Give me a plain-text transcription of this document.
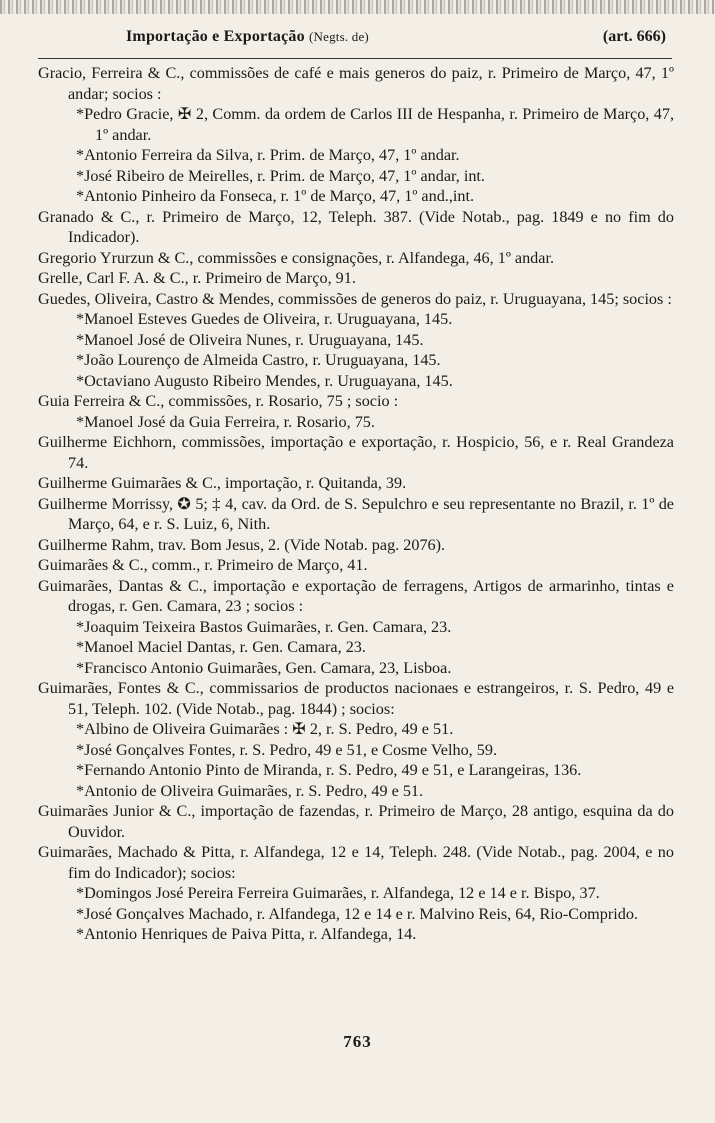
Importação e Exportação (Negts. de)	(art. 666)

Gracio, Ferreira & C., commissões de café e mais generos do paiz, r. Primeiro de Março, 47, 1º andar; socios :

*Pedro Gracie, ✠ 2, Comm. da ordem de Carlos III de Hespanha, r. Primeiro de Março, 47, 1º andar.

*Antonio Ferreira da Silva, r. Prim. de Março, 47, 1º andar.

*José Ribeiro de Meirelles, r. Prim. de Março, 47, 1º andar, int.

*Antonio Pinheiro da Fonseca, r. 1º de Março, 47, 1º and.,int.

Granado & C., r. Primeiro de Março, 12, Teleph. 387. (Vide Notab., pag. 1849 e no fim do Indicador).

Gregorio Yrurzun & C., commissões e consignações, r. Alfandega, 46, 1º andar.

Grelle, Carl F. A. & C., r. Primeiro de Março, 91.

Guedes, Oliveira, Castro & Mendes, commissões de generos do paiz, r. Uruguayana, 145; socios :

*Manoel Esteves Guedes de Oliveira, r. Uruguayana, 145.

*Manoel José de Oliveira Nunes, r. Uruguayana, 145.

*João Lourenço de Almeida Castro, r. Uruguayana, 145.

*Octaviano Augusto Ribeiro Mendes, r. Uruguayana, 145.

Guia Ferreira & C., commissões, r. Rosario, 75 ; socio :

*Manoel José da Guia Ferreira, r. Rosario, 75.

Guilherme Eichhorn, commissões, importação e exportação, r. Hospicio, 56, e r. Real Grandeza 74.

Guilherme Guimarães & C., importação, r. Quitanda, 39.

Guilherme Morrissy, ✪ 5; ‡ 4, cav. da Ord. de S. Sepulchro e seu representante no Brazil, r. 1º de Março, 64, e r. S. Luiz, 6, Nith.

Guilherme Rahm, trav. Bom Jesus, 2. (Vide Notab. pag. 2076).

Guimarães & C., comm., r. Primeiro de Março, 41.

Guimarães, Dantas & C., importação e exportação de ferragens, Artigos de armarinho, tintas e drogas, r. Gen. Camara, 23 ; socios :

*Joaquim Teixeira Bastos Guimarães, r. Gen. Camara, 23.

*Manoel Maciel Dantas, r. Gen. Camara, 23.

*Francisco Antonio Guimarães, Gen. Camara, 23, Lisboa.

Guimarães, Fontes & C., commissarios de productos nacionaes e estrangeiros, r. S. Pedro, 49 e 51, Teleph. 102. (Vide Notab., pag. 1844) ; socios:

*Albino de Oliveira Guimarães : ✠ 2, r. S. Pedro, 49 e 51.

*José Gonçalves Fontes, r. S. Pedro, 49 e 51, e Cosme Velho, 59.

*Fernando Antonio Pinto de Miranda, r. S. Pedro, 49 e 51, e Larangeiras, 136.

*Antonio de Oliveira Guimarães, r. S. Pedro, 49 e 51.

Guimarães Junior & C., importação de fazendas, r. Primeiro de Março, 28 antigo, esquina da do Ouvidor.

Guimarães, Machado & Pitta, r. Alfandega, 12 e 14, Teleph. 248. (Vide Notab., pag. 2004, e no fim do Indicador); socios:

*Domingos José Pereira Ferreira Guimarães, r. Alfandega, 12 e 14 e r. Bispo, 37.

*José Gonçalves Machado, r. Alfandega, 12 e 14 e r. Malvino Reis, 64, Rio-Comprido.

*Antonio Henriques de Paiva Pitta, r. Alfandega, 14.

763
